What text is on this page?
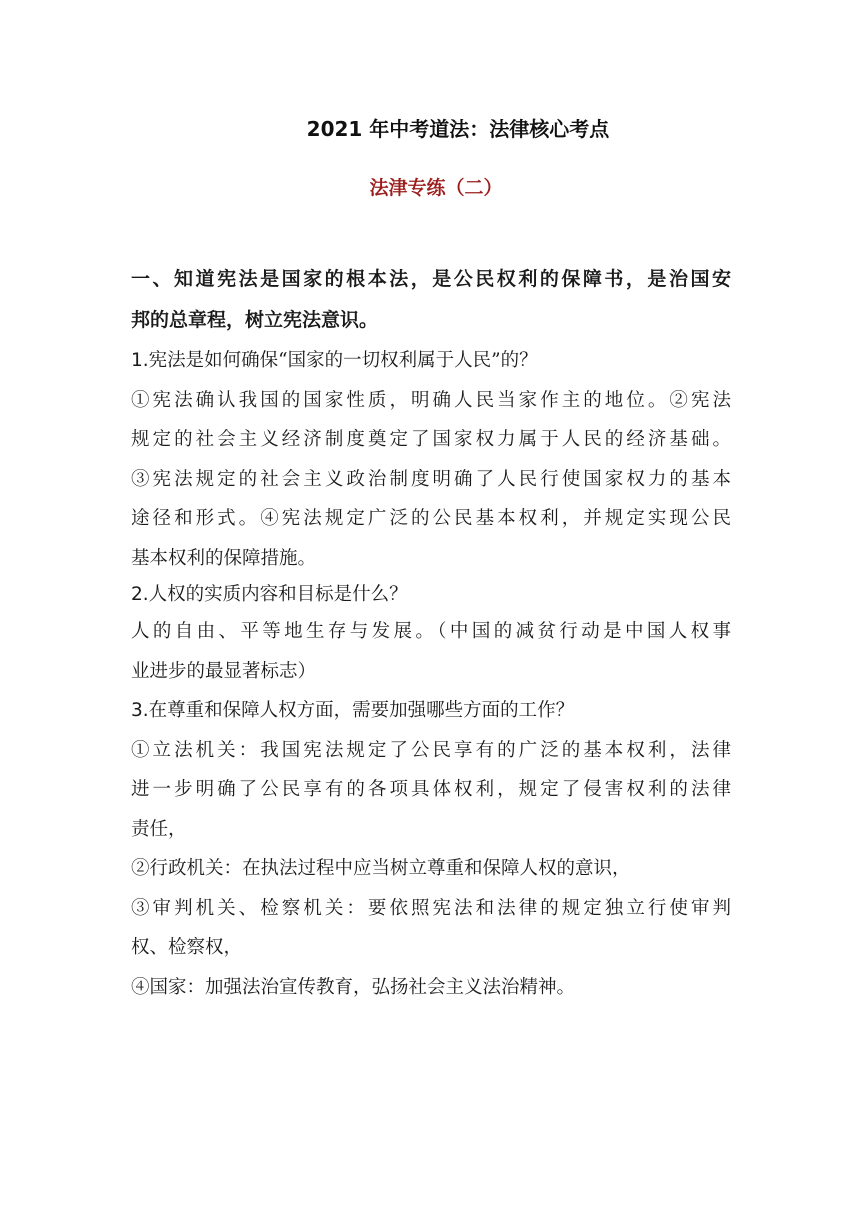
2021 年中考道法：法律核心考点
法津专练（二）
一、知道宪法是国家的根本法，是公民权利的保障书，是治国安
邦的总章程，树立宪法意识。
1.宪法是如何确保“国家的一切权利属于人民”的？
①宪法确认我国的国家性质，明确人民当家作主的地位。②宪法
规定的社会主义经济制度奠定了国家权力属于人民的经济基础。
③宪法规定的社会主义政治制度明确了人民行使国家权力的基本
途径和形式。④宪法规定广泛的公民基本权利，并规定实现公民
基本权利的保障措施。
2.人权的实质内容和目标是什么？
人的自由、平等地生存与发展。（中国的减贫行动是中国人权事
业进步的最显著标志）
3.在尊重和保障人权方面，需要加强哪些方面的工作？
①立法机关：我国宪法规定了公民享有的广泛的基本权利，法律
进一步明确了公民享有的各项具体权利，规定了侵害权利的法律
责任，
②行政机关：在执法过程中应当树立尊重和保障人权的意识，
③审判机关、检察机关：要依照宪法和法律的规定独立行使审判
权、检察权，
④国家：加强法治宣传教育，弘扬社会主义法治精神。
